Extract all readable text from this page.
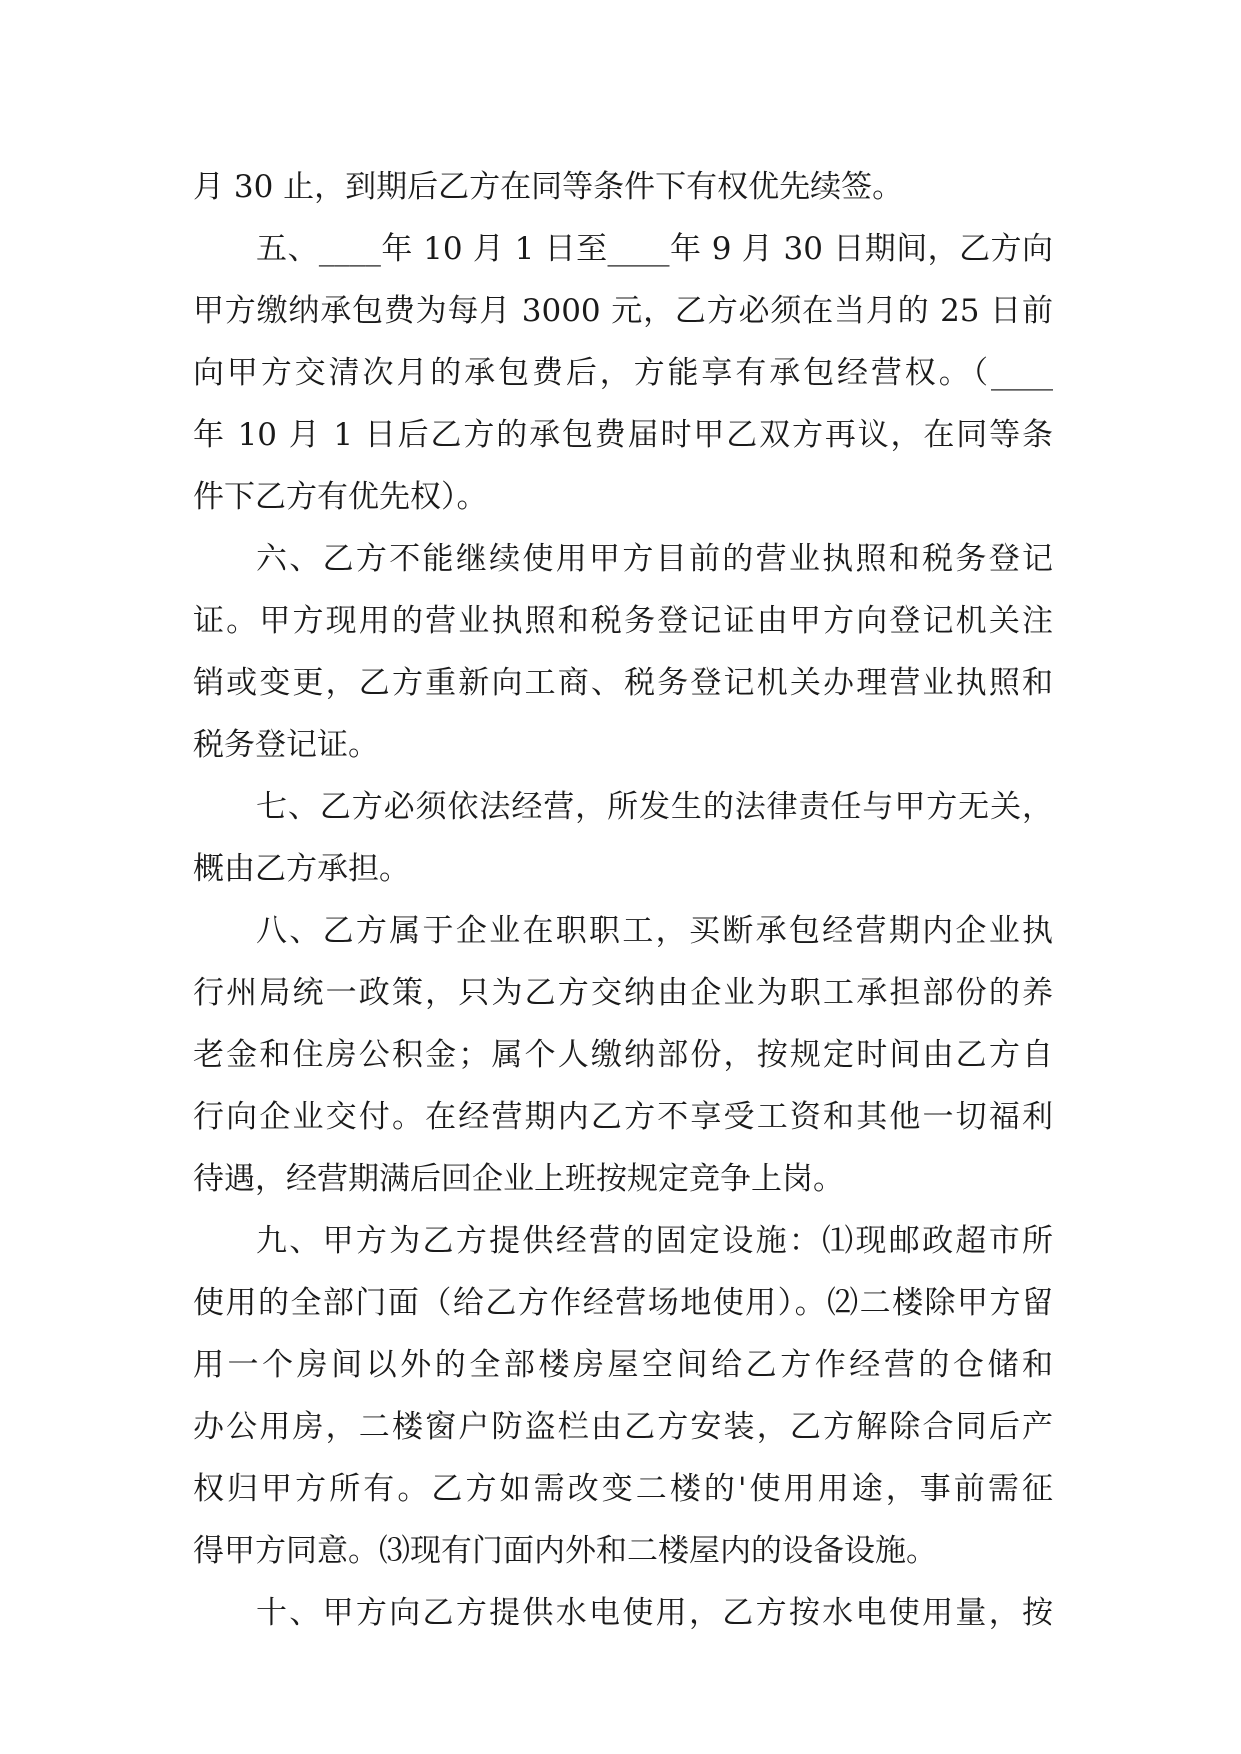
月 30 止，到期后乙方在同等条件下有权优先续签。
五、____年 10 月 1 日至____年 9 月 30 日期间，乙方向
甲方缴纳承包费为每月 3000 元，乙方必须在当月的 25 日前
向甲方交清次月的承包费后，方能享有承包经营权。（____
年 10 月 1 日后乙方的承包费届时甲乙双方再议，在同等条
件下乙方有优先权）。
六、乙方不能继续使用甲方目前的营业执照和税务登记
证。甲方现用的营业执照和税务登记证由甲方向登记机关注
销或变更，乙方重新向工商、税务登记机关办理营业执照和
税务登记证。
七、乙方必须依法经营，所发生的法律责任与甲方无关，
概由乙方承担。
八、乙方属于企业在职职工，买断承包经营期内企业执
行州局统一政策，只为乙方交纳由企业为职工承担部份的养
老金和住房公积金；属个人缴纳部份，按规定时间由乙方自
行向企业交付。在经营期内乙方不享受工资和其他一切福利
待遇，经营期满后回企业上班按规定竞争上岗。
九、甲方为乙方提供经营的固定设施：⑴现邮政超市所
使用的全部门面（给乙方作经营场地使用）。⑵二楼除甲方留
用一个房间以外的全部楼房屋空间给乙方作经营的仓储和
办公用房，二楼窗户防盗栏由乙方安装，乙方解除合同后产
权归甲方所有。乙方如需改变二楼的'使用用途，事前需征
得甲方同意。⑶现有门面内外和二楼屋内的设备设施。
十、甲方向乙方提供水电使用，乙方按水电使用量，按
